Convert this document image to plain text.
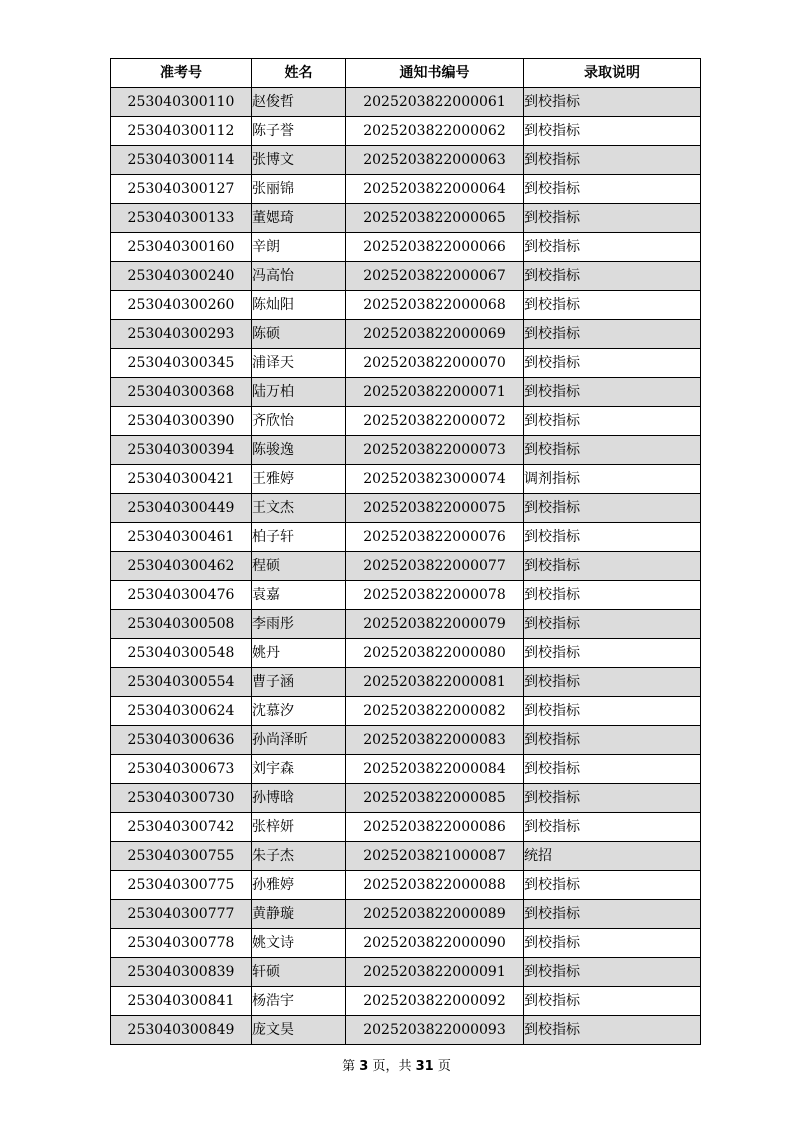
准考号	姓名	通知书编号	录取说明
253040300110	赵俊哲	2025203822000061	到校指标
253040300112	陈子誉	2025203822000062	到校指标
253040300114	张博文	2025203822000063	到校指标
253040300127	张丽锦	2025203822000064	到校指标
253040300133	董媤琦	2025203822000065	到校指标
253040300160	辛朗	2025203822000066	到校指标
253040300240	冯高怡	2025203822000067	到校指标
253040300260	陈灿阳	2025203822000068	到校指标
253040300293	陈硕	2025203822000069	到校指标
253040300345	浦译天	2025203822000070	到校指标
253040300368	陆万柏	2025203822000071	到校指标
253040300390	齐欣怡	2025203822000072	到校指标
253040300394	陈骏逸	2025203822000073	到校指标
253040300421	王雅婷	2025203823000074	调剂指标
253040300449	王文杰	2025203822000075	到校指标
253040300461	柏子轩	2025203822000076	到校指标
253040300462	程硕	2025203822000077	到校指标
253040300476	袁嘉	2025203822000078	到校指标
253040300508	李雨彤	2025203822000079	到校指标
253040300548	姚丹	2025203822000080	到校指标
253040300554	曹子涵	2025203822000081	到校指标
253040300624	沈慕汐	2025203822000082	到校指标
253040300636	孙尚泽昕	2025203822000083	到校指标
253040300673	刘宇森	2025203822000084	到校指标
253040300730	孙博晗	2025203822000085	到校指标
253040300742	张梓妍	2025203822000086	到校指标
253040300755	朱子杰	2025203821000087	统招
253040300775	孙雅婷	2025203822000088	到校指标
253040300777	黄静璇	2025203822000089	到校指标
253040300778	姚文诗	2025203822000090	到校指标
253040300839	轩硕	2025203822000091	到校指标
253040300841	杨浩宇	2025203822000092	到校指标
253040300849	庞文昊	2025203822000093	到校指标
第 3 页，共 31 页
